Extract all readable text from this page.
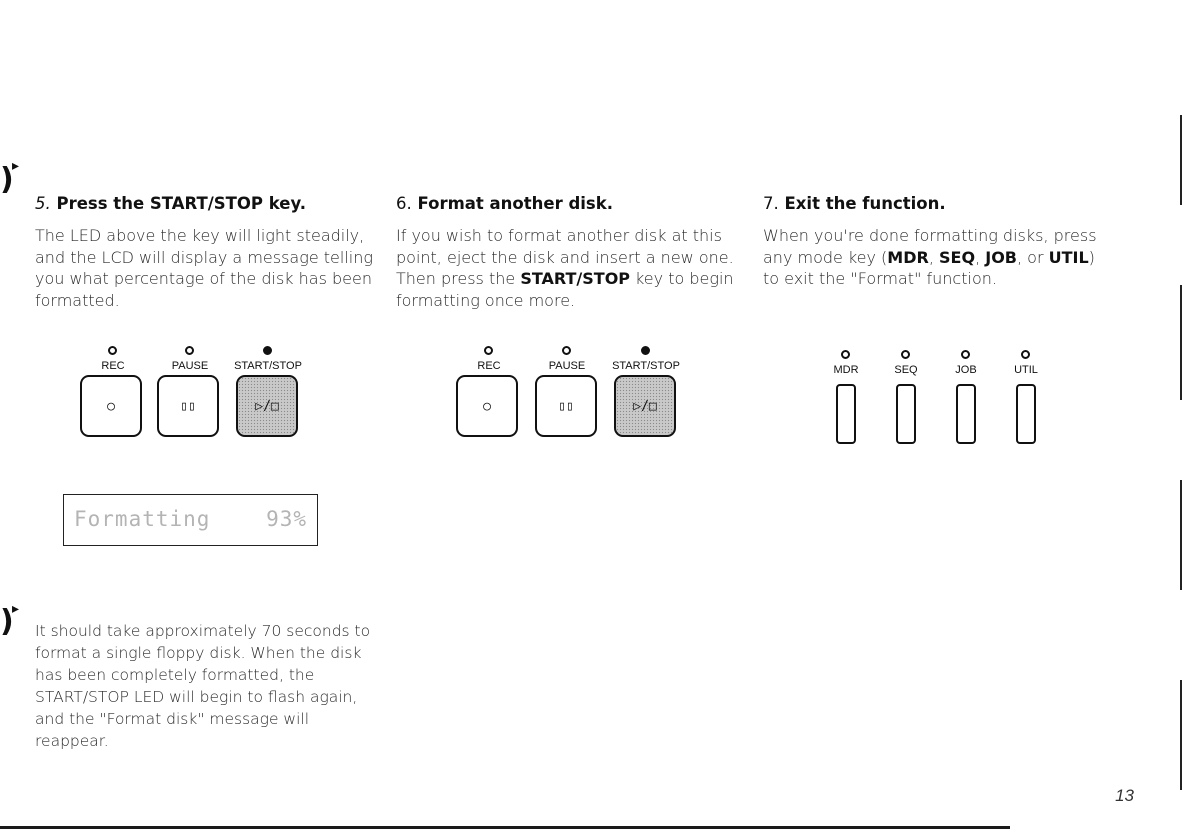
5. Press the START/STOP key.

The LED above the key will light steadily, and the LCD will display a message telling you what percentage of the disk has been formatted.

6. Format another disk.

If you wish to format another disk at this point, eject the disk and insert a new one. Then press the START/STOP key to begin formatting once more.

7. Exit the function.

When you're done formatting disks, press any mode key (MDR, SEQ, JOB, or UTIL) to exit the "Format" function.

REC	PAUSE START/STOP
○	▯▯	▷/□
REC	PAUSE START/STOP
○	▯▯	▷/□
MDR	SEQ	JOB	UTIL
Formatting	93%

It should take approximately 70 seconds to format a single floppy disk. When the disk has been completely formatted, the START/STOP LED will begin to flash again, and the "Format disk" message will reappear.

13
)
▸
)
▸
